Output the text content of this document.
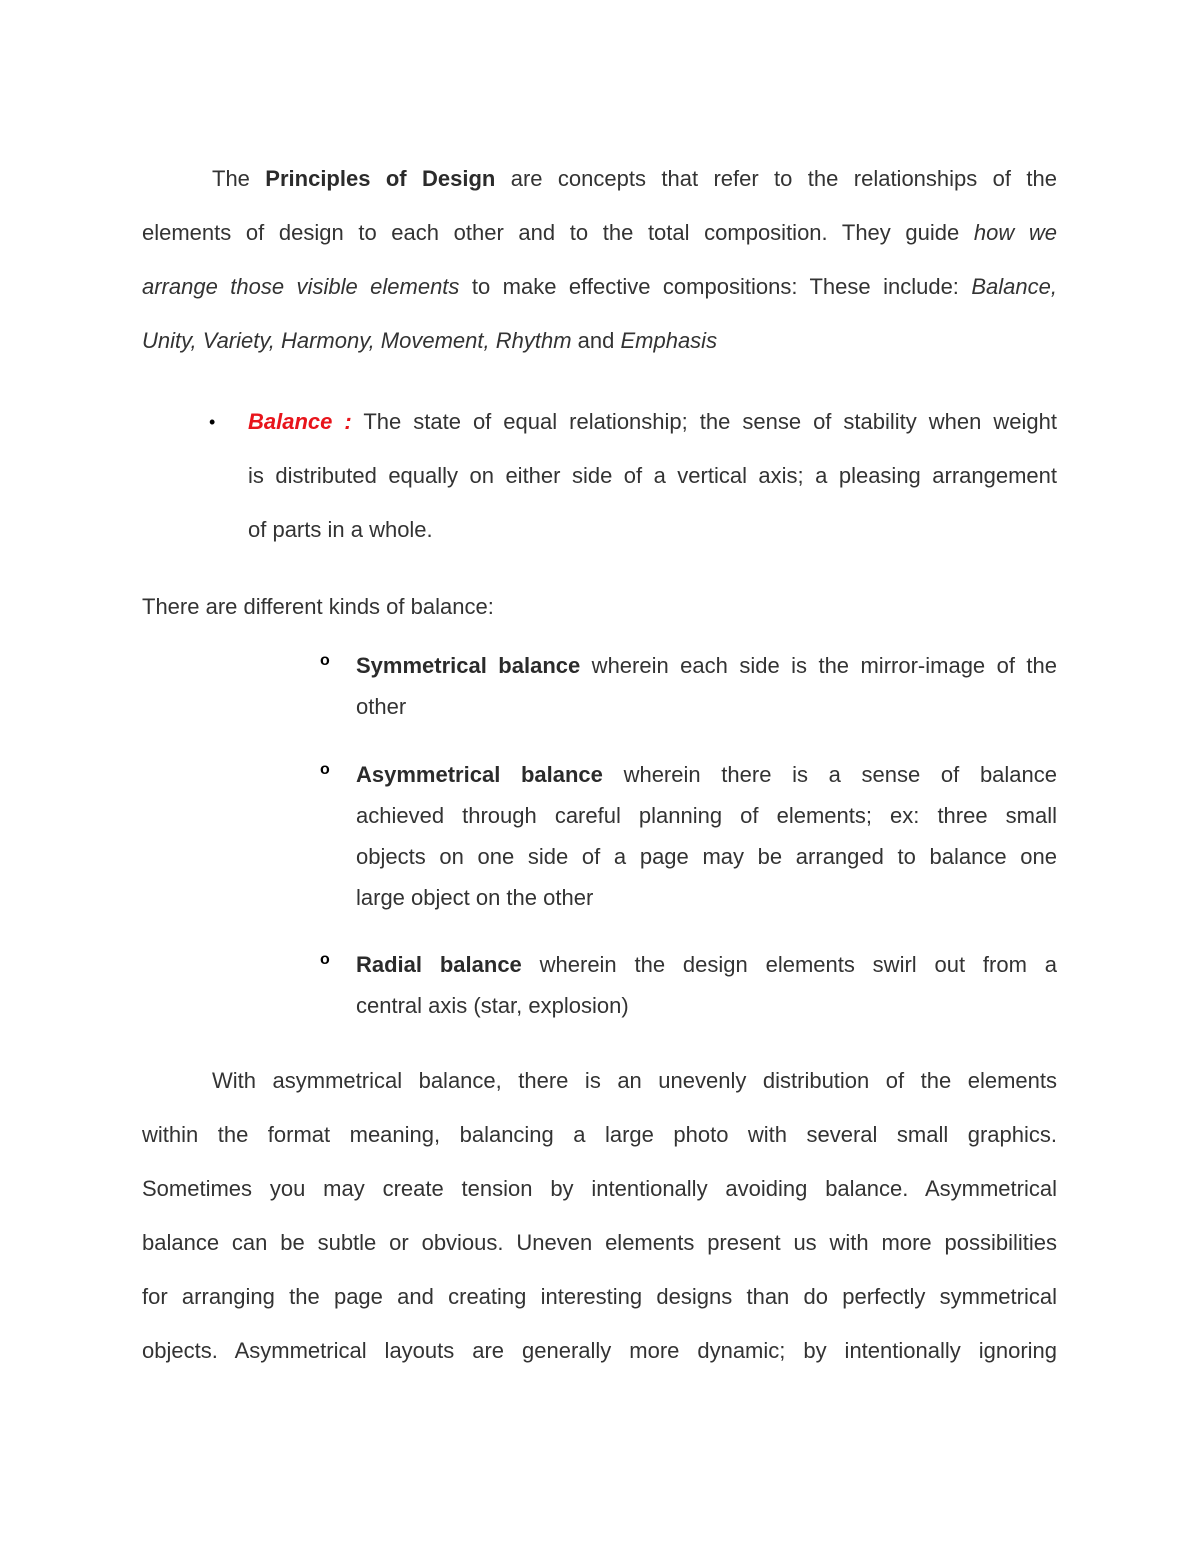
The Principles of Design are concepts that refer to the relationships of the
elements of design to each other and to the total composition. They guide how we
arrange those visible elements to make effective compositions: These include: Balance,
Unity, Variety, Harmony, Movement, Rhythm and Emphasis
• Balance : The state of equal relationship; the sense of stability when weight
is distributed equally on either side of a vertical axis; a pleasing arrangement
of parts in a whole.
There are different kinds of balance:
o Symmetrical balance wherein each side is the mirror-image of the
other
o Asymmetrical balance wherein there is a sense of balance
achieved through careful planning of elements; ex: three small
objects on one side of a page may be arranged to balance one
large object on the other
o Radial balance wherein the design elements swirl out from a
central axis (star, explosion)
With asymmetrical balance, there is an unevenly distribution of the elements
within the format meaning, balancing a large photo with several small graphics.
Sometimes you may create tension by intentionally avoiding balance. Asymmetrical
balance can be subtle or obvious. Uneven elements present us with more possibilities
for arranging the page and creating interesting designs than do perfectly symmetrical
objects. Asymmetrical layouts are generally more dynamic; by intentionally ignoring
